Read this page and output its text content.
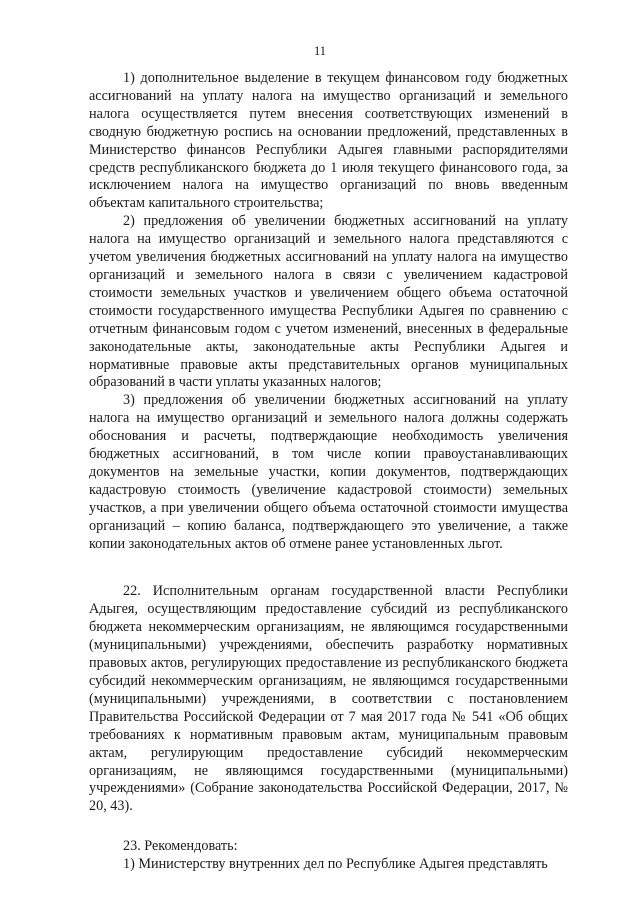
11

1) дополнительное выделение в текущем финансовом году бюджетных ассигнований на уплату налога на имущество организаций и земельного налога осуществляется путем внесения соответствующих изменений в сводную бюджетную роспись на основании предложений, представленных в Министерство финансов Республики Адыгея главными распорядителями средств республиканского бюджета до 1 июля текущего финансового года, за исключением налога на имущество организаций по вновь введенным объектам капитального строительства;

2) предложения об увеличении бюджетных ассигнований на уплату налога на имущество организаций и земельного налога представляются с учетом увеличения бюджетных ассигнований на уплату налога на имущество организаций и земельного налога в связи с увеличением кадастровой стоимости земельных участков и увеличением общего объема остаточной стоимости государственного имущества Республики Адыгея по сравнению с отчетным финансовым годом с учетом изменений, внесенных в федеральные законодательные акты, законодательные акты Республики Адыгея и нормативные правовые акты представительных органов муниципальных образований в части уплаты указанных налогов;

3) предложения об увеличении бюджетных ассигнований на уплату налога на имущество организаций и земельного налога должны содержать обоснования и расчеты, подтверждающие необходимость увеличения бюджетных ассигнований, в том числе копии правоустанавливающих документов на земельные участки, копии документов, подтверждающих кадастровую стоимость (увеличение кадастровой стоимости) земельных участков, а при увеличении общего объема остаточной стоимости имущества организаций – копию баланса, подтверждающего это увеличение, а также копии законодательных актов об отмене ранее установленных льгот.

22. Исполнительным органам государственной власти Республики Адыгея, осуществляющим предоставление субсидий из республиканского бюджета некоммерческим организациям, не являющимся государственными (муниципальными) учреждениями, обеспечить разработку нормативных правовых актов, регулирующих предоставление из республиканского бюджета субсидий некоммерческим организациям, не являющимся государственными (муниципальными) учреждениями, в соответствии с постановлением Правительства Российской Федерации от 7 мая 2017 года № 541 «Об общих требованиях к нормативным правовым актам, муниципальным правовым актам, регулирующим предоставление субсидий некоммерческим организациям, не являющимся государственными (муниципальными) учреждениями» (Собрание законодательства Российской Федерации, 2017, № 20, 43).

23. Рекомендовать:

1) Министерству внутренних дел по Республике Адыгея представлять
